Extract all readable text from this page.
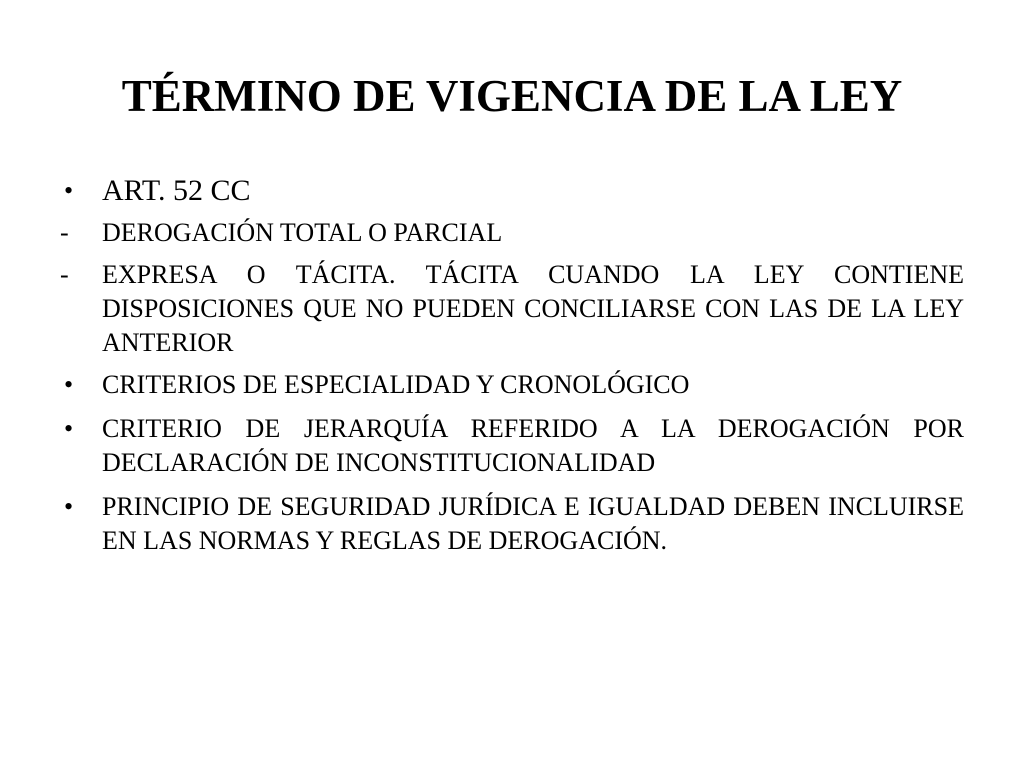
TÉRMINO DE VIGENCIA DE LA LEY
• ART. 52 CC
-	DEROGACIÓN TOTAL O PARCIAL
-	EXPRESA O TÁCITA. TÁCITA CUANDO LA LEY CONTIENE DISPOSICIONES QUE NO PUEDEN CONCILIARSE CON LAS DE LA LEY ANTERIOR
•	CRITERIOS DE ESPECIALIDAD Y CRONOLÓGICO
•	CRITERIO DE JERARQUÍA REFERIDO A LA DEROGACIÓN POR DECLARACIÓN DE INCONSTITUCIONALIDAD
•	PRINCIPIO DE SEGURIDAD JURÍDICA E IGUALDAD DEBEN INCLUIRSE EN LAS NORMAS Y REGLAS DE DEROGACIÓN.
